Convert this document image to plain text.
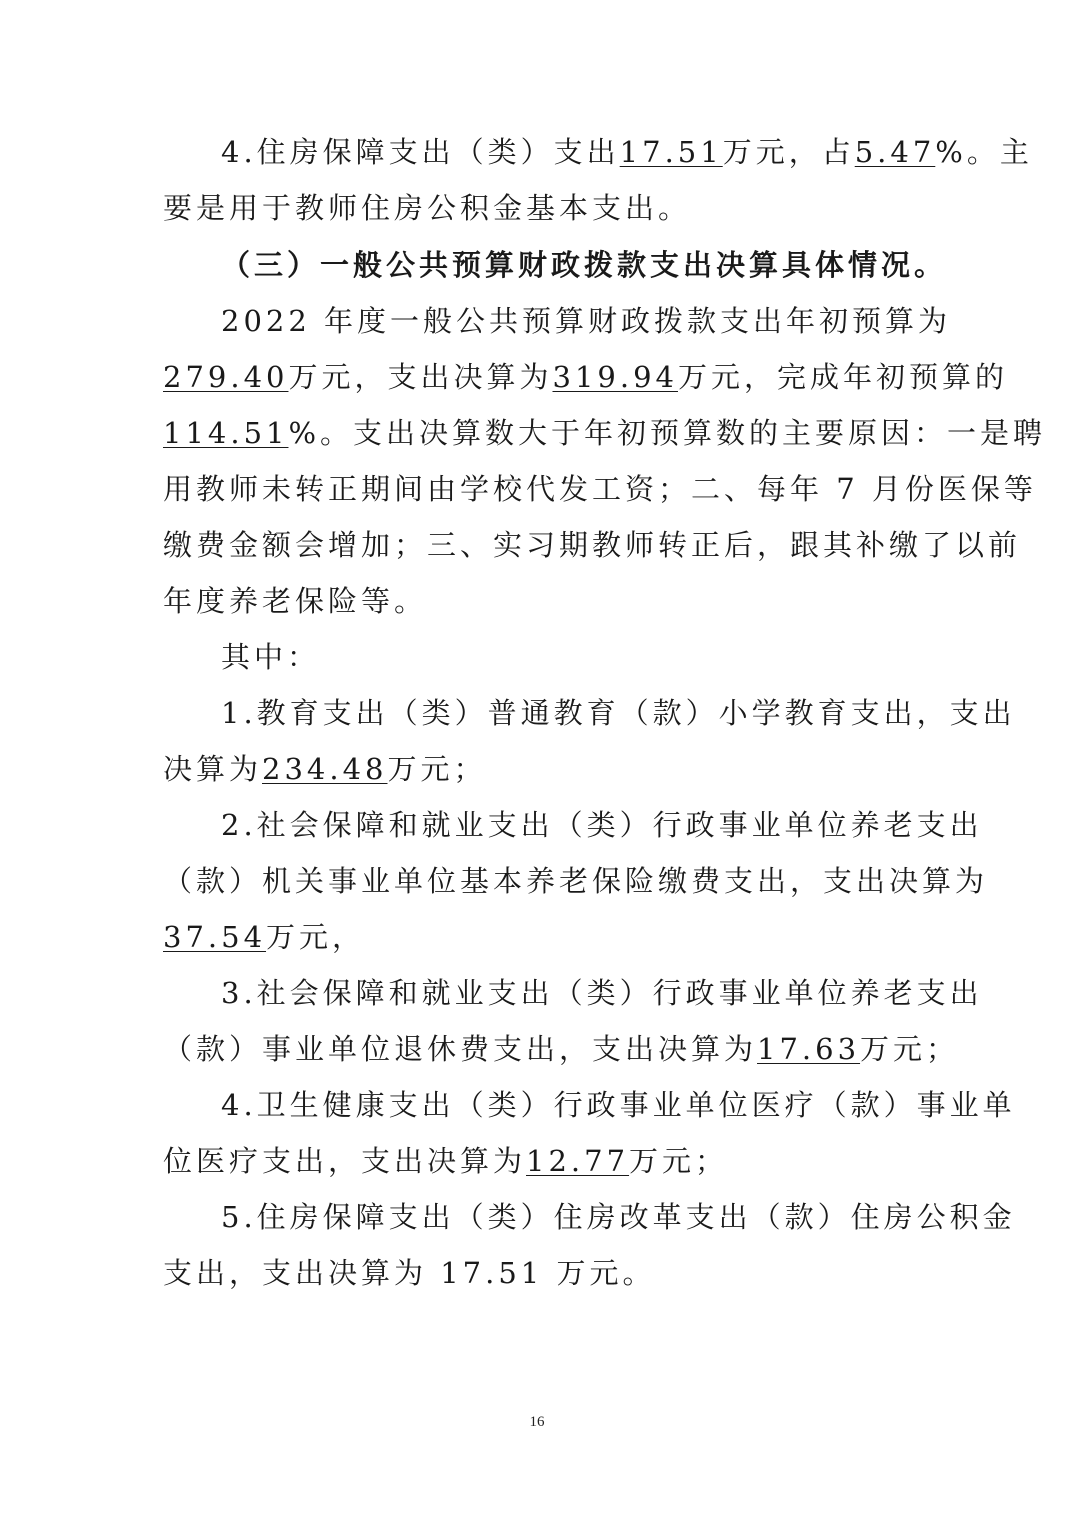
4.住房保障支出（类）支出17.51万元，占 5.47%。主
要是用于教师住房公积金基本支出。
（三）一般公共预算财政拨款支出决算具体情况。
2022 年度一般公共预算财政拨款支出年初预算为
279.40万元，支出决算为319.94 万元，完成年初预算的
114.51 %。支出决算数大于年初预算数的主要原因：一是聘
用教师未转正期间由学校代发工资；二、每年 7 月份医保等
缴费金额会增加；三、实习期教师转正后，跟其补缴了以前
年度养老保险等。
其中：
1.教育支出（类）普通教育（款）小学教育支出，支出
决算为 234.48 万元；
2.社会保障和就业支出（类）行政事业单位养老支出
（款）机关事业单位基本养老保险缴费支出，支出决算为
37.54 万元，
3.社会保障和就业支出（类）行政事业单位养老支出
（款）事业单位退休费支出，支出决算为17.63 万元；
4.卫生健康支出（类）行政事业单位医疗（款）事业单
位医疗支出，支出决算为 12.77 万元；
5.住房保障支出（类）住房改革支出（款）住房公积金
支出，支出决算为 17.51 万元。
16
